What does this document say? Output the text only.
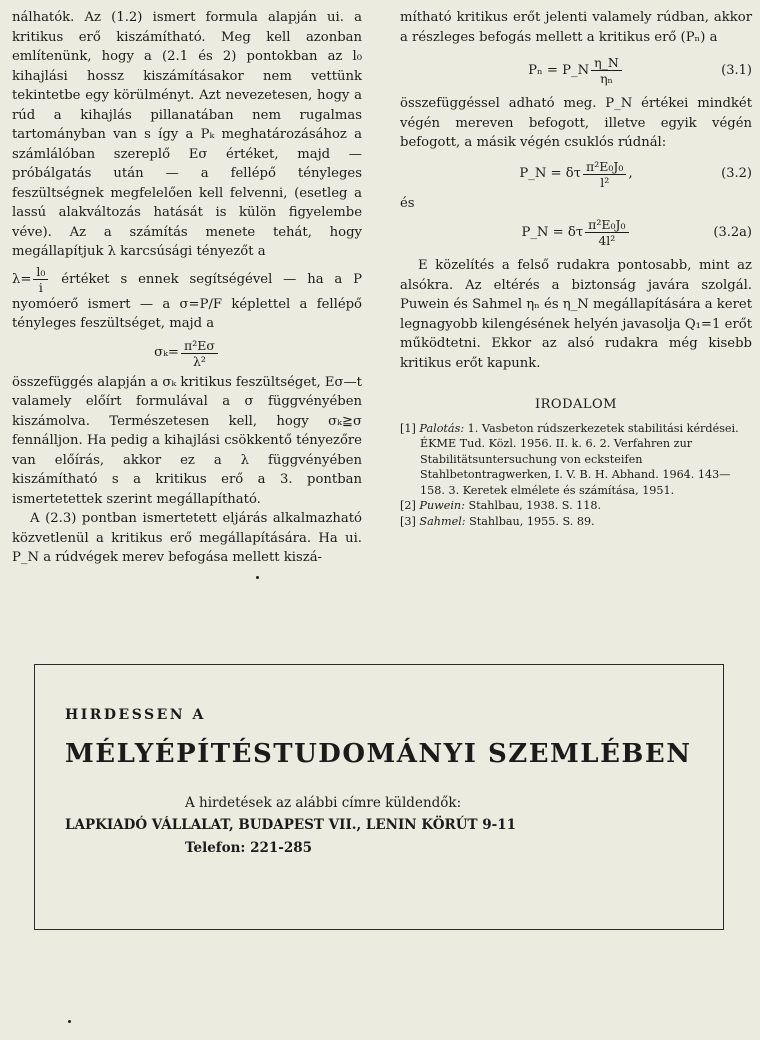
nálhatók. Az (1.2) ismert formula alapján ui. a kritikus erő kiszámítható. Meg kell azonban említenünk, hogy a (2.1 és 2) pontokban az l₀ kihajlási hossz kiszámításakor nem vettünk tekintetbe egy körülményt. Azt nevezetesen, hogy a rúd a kihajlás pillanatában nem rugalmas tartományban van s így a Pₖ meghatározásához a számlálóban szereplő Eσ értéket, majd — próbálgatás után — a fellépő tényleges feszültségnek megfelelően kell felvenni, (esetleg a lassú alakváltozás hatását is külön figyelembe véve). Az a számítás menete tehát, hogy megállapítjuk λ karcsúsági tényezőt a

$\lambda= \frac{\text{l₀}}{i}$ értéket s ennek segítségével — ha a P nyomóerő ismert — a σ=P/F képlettel a fellépő tényleges feszültséget, majd a

$\sigma_k= \frac{\text{π²Eσ}}{\text{λ²}}$

összefüggés alapján a σₖ kritikus feszültséget, Eσ—t valamely előírt formulával a σ függvényében kiszámolva. Természetesen kell, hogy σₖ≧σ fennálljon. Ha pedig a kihajlási csökkentő tényezőre van előírás, akkor ez a λ függvényében kiszámítható s a kritikus erő a 3. pontban ismertetettek szerint megállapítható.

A (2.3) pontban ismertetett eljárás alkalmazható közvetlenül a kritikus erő megállapítására. Ha ui. P_N a rúdvégek merev befogása mellett kiszá-

mítható kritikus erőt jelenti valamely rúdban, akkor a részleges befogás mellett a kritikus erő (Pₙ) a

Pₙ = P_N $\frac{\eta\_N}{\text{ηₙ}}$	(3.1)

összefüggéssel adható meg. P_N értékei mindkét végén mereven befogott, illetve egyik végén befogott, a másik végén csuklós rúdnál:

P_N = δτ $\frac{\text{π²E₀J₀}}{\text{l²}}$ ,	(3.2)

és

P_N = δτ $\frac{\text{π²E₀J₀}}{\text{4l²}}$	(3.2a)

E közelítés a felső rudakra pontosabb, mint az alsókra. Az eltérés a biztonság javára szolgál. Puwein és Sahmel ηₙ és η_N megállapítására a keret legnagyobb kilengésének helyén javasolja Q₁=1 erőt működtetni. Ekkor az alsó rudakra még kisebb kritikus erőt kapunk.

IRODALOM

[1] Palotás: 1. Vasbeton rúdszerkezetek stabilitási kérdései. ÉKME Tud. Közl. 1956. II. k. 6. 2. Verfahren zur Stabilitätsuntersuchung von ecksteifen Stahlbetontragwerken, I. V. B. H. Abhand. 1964. 143—158. 3. Keretek elmélete és számítása, 1951.

[2] Puwein: Stahlbau, 1938. S. 118.

[3] Sahmel: Stahlbau, 1955. S. 89.

HIRDESSEN A
MÉLYÉPÍTÉSTUDOMÁNYI SZEMLÉBEN
A hirdetések az alábbi címre küldendők:
LAPKIADÓ VÁLLALAT, BUDAPEST VII., LENIN KÖRÚT 9-11
Telefon: 221-285
